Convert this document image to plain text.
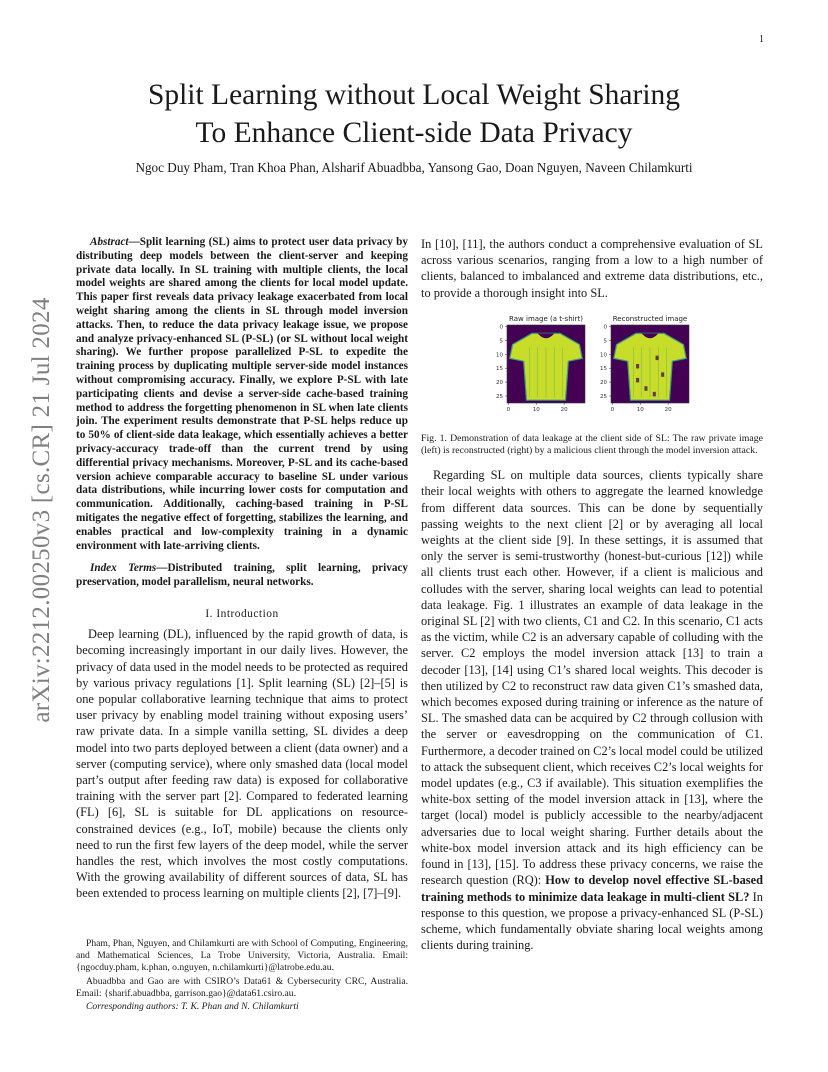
1
arXiv:2212.00250v3 [cs.CR] 21 Jul 2024
Split Learning without Local Weight Sharing
To Enhance Client-side Data Privacy
Ngoc Duy Pham, Tran Khoa Phan, Alsharif Abuadbba, Yansong Gao, Doan Nguyen, Naveen Chilamkurti

Abstract—Split learning (SL) aims to protect user data privacy by distributing deep models between the client-server and keeping private data locally. In SL training with multiple clients, the local model weights are shared among the clients for local model update. This paper first reveals data privacy leakage exacerbated from local weight sharing among the clients in SL through model inversion attacks. Then, to reduce the data privacy leakage issue, we propose and analyze privacy-enhanced SL (P-SL) (or SL without local weight sharing). We further propose parallelized P-SL to expedite the training process by duplicating multiple server-side model instances without compromising accuracy. Finally, we explore P-SL with late participating clients and devise a server-side cache-based training method to address the forgetting phenomenon in SL when late clients join. The experiment results demonstrate that P-SL helps reduce up to 50% of client-side data leakage, which essentially achieves a better privacy-accuracy trade-off than the current trend by using differential privacy mechanisms. Moreover, P-SL and its cache-based version achieve comparable accuracy to baseline SL under various data distributions, while incurring lower costs for computation and communication. Additionally, caching-based training in P-SL mitigates the negative effect of forgetting, stabilizes the learning, and enables practical and low-complexity training in a dynamic environment with late-arriving clients.

Index Terms—Distributed training, split learning, privacy preservation, model parallelism, neural networks.

I. Introduction

Deep learning (DL), influenced by the rapid growth of data, is becoming increasingly important in our daily lives. However, the privacy of data used in the model needs to be protected as required by various privacy regulations [1]. Split learning (SL) [2]–[5] is one popular collaborative learning technique that aims to protect user privacy by enabling model training without exposing users’ raw private data. In a simple vanilla setting, SL divides a deep model into two parts deployed between a client (data owner) and a server (computing service), where only smashed data (local model part’s output after feeding raw data) is exposed for collaborative training with the server part [2]. Compared to federated learning (FL) [6], SL is suitable for DL applications on resource-constrained devices (e.g., IoT, mobile) because the clients only need to run the first few layers of the deep model, while the server handles the rest, which involves the most costly computations. With the growing availability of different sources of data, SL has been extended to process learning on multiple clients [2], [7]–[9].

Pham, Phan, Nguyen, and Chilamkurti are with School of Computing, Engineering, and Mathematical Sciences, La Trobe University, Victoria, Australia. Email: {ngocduy.pham, k.phan, o.nguyen, n.chilamkurti}@latrobe.edu.au.

Abuadbba and Gao are with CSIRO’s Data61 & Cybersecurity CRC, Australia. Email: {sharif.abuadbba, garrison.gao}@data61.csiro.au.

Corresponding authors: T. K. Phan and N. Chilamkurti

In [10], [11], the authors conduct a comprehensive evaluation of SL across various scenarios, ranging from a low to a high number of clients, balanced to imbalanced and extreme data distributions, etc., to provide a thorough insight into SL.

Raw image (a t-shirt)	Reconstructed image
0
5
10
15
20
25
0	10	20
0
5
10
15
20
25
0	10	20

Fig. 1. Demonstration of data leakage at the client side of SL: The raw private image (left) is reconstructed (right) by a malicious client through the model inversion attack.

Regarding SL on multiple data sources, clients typically share their local weights with others to aggregate the learned knowledge from different data sources. This can be done by sequentially passing weights to the next client [2] or by averaging all local weights at the client side [9]. In these settings, it is assumed that only the server is semi-trustworthy (honest-but-curious [12]) while all clients trust each other. However, if a client is malicious and colludes with the server, sharing local weights can lead to potential data leakage. Fig. 1 illustrates an example of data leakage in the original SL [2] with two clients, C1 and C2. In this scenario, C1 acts as the victim, while C2 is an adversary capable of colluding with the server. C2 employs the model inversion attack [13] to train a decoder [13], [14] using C1’s shared local weights. This decoder is then utilized by C2 to reconstruct raw data given C1’s smashed data, which becomes exposed during training or inference as the nature of SL. The smashed data can be acquired by C2 through collusion with the server or eavesdropping on the communication of C1. Furthermore, a decoder trained on C2’s local model could be utilized to attack the subsequent client, which receives C2’s local weights for model updates (e.g., C3 if available). This situation exemplifies the white-box setting of the model inversion attack in [13], where the target (local) model is publicly accessible to the nearby/adjacent adversaries due to local weight sharing. Further details about the white-box model inversion attack and its high efficiency can be found in [13], [15]. To address these privacy concerns, we raise the research question (RQ): How to develop novel effective SL-based training methods to minimize data leakage in multi-client SL? In response to this question, we propose a privacy-enhanced SL (P-SL) scheme, which fundamentally obviate sharing local weights among clients during training.
